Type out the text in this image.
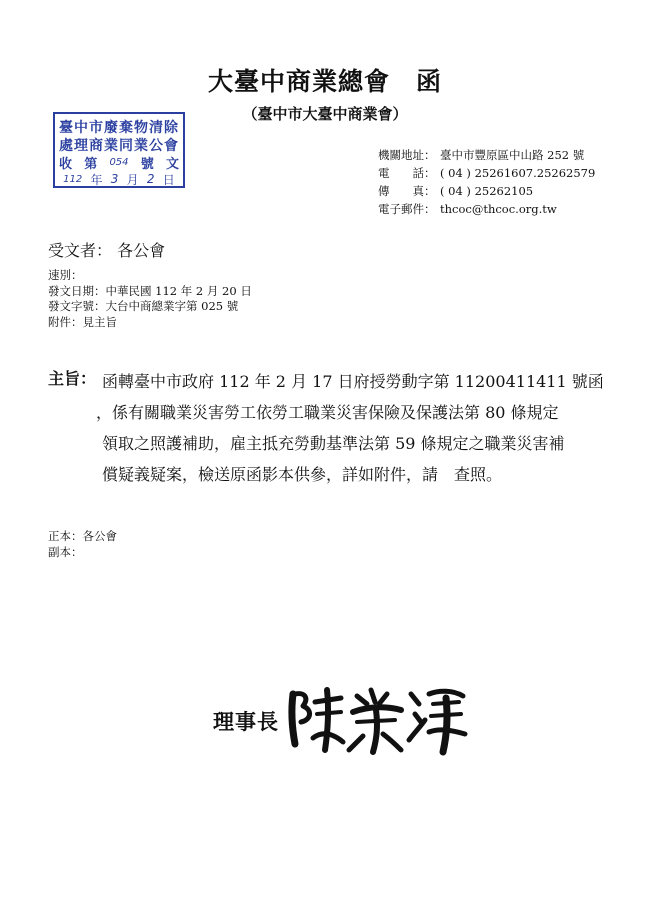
大臺中商業總會　函
（臺中市大臺中商業會）
臺中市廢棄物清除
處理商業同業公會
收 第 054 號 文
112 年 3 月 2 日
機關地址： 臺中市豐原區中山路 252 號
電　　話： ( 04 ) 25261607.25262579
傳　　真： ( 04 ) 25262105
電子郵件： thcoc@thcoc.org.tw
受文者： 各公會
速別：
發文日期：中華民國 112 年 2 月 20 日
發文字號：大台中商總業字第 025 號
附件：見主旨
主旨： 函轉臺中市政府 112 年 2 月 17 日府授勞動字第 11200411411 號函
，係有關職業災害勞工依勞工職業災害保險及保護法第 80 條規定
領取之照護補助，雇主抵充勞動基準法第 59 條規定之職業災害補
償疑義疑案，檢送原函影本供參，詳如附件，請　查照。
正本：各公會
副本：
理事長
